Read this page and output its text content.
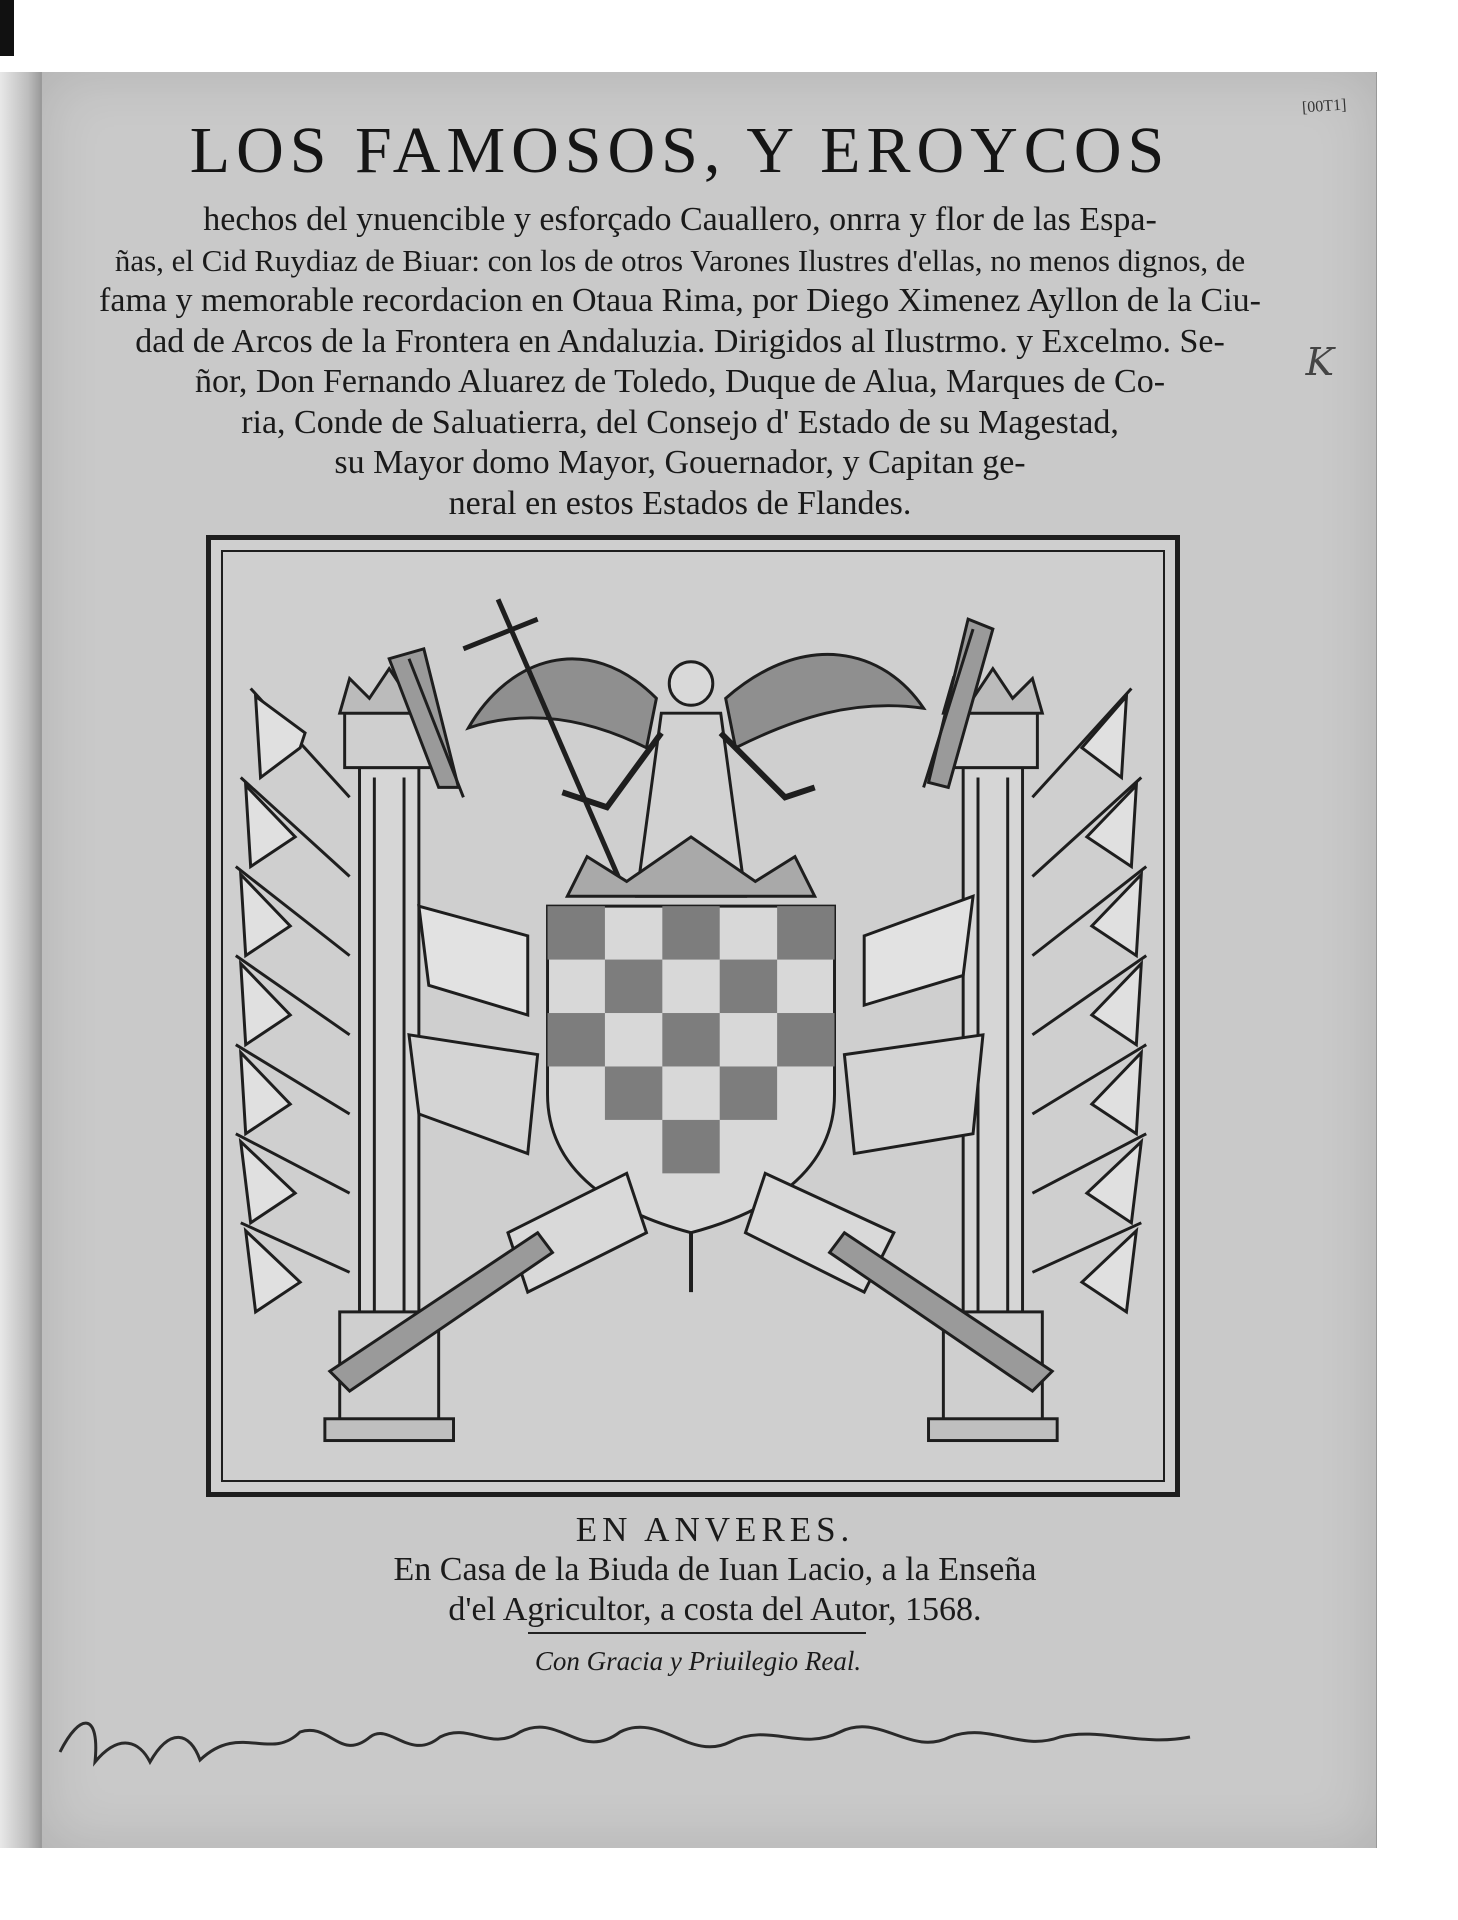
[00T1]
K
LOS FAMOSOS, Y EROYCOS
hechos del ynuencible y esforçado Cauallero, onrra y flor de las Espa-
ñas, el Cid Ruydiaz de Biuar: con los de otros Varones Ilustres d'ellas, no menos dignos, de
fama y memorable recordacion en Otaua Rima, por Diego Ximenez Ayllon de la Ciu-
dad de Arcos de la Frontera en Andaluzia. Dirigidos al Ilustrmo. y Excelmo. Se-
ñor, Don Fernando Aluarez de Toledo, Duque de Alua, Marques de Co-
ria, Conde de Saluatierra, del Consejo d' Estado de su Magestad,
su Mayor domo Mayor, Gouernador, y Capitan ge-
neral en estos Estados de Flandes.
EN ANVERES.
En Casa de la Biuda de Iuan Lacio, a la Enseña
d'el Agricultor, a costa del Autor, 1568.
Con Gracia y Priuilegio Real.
